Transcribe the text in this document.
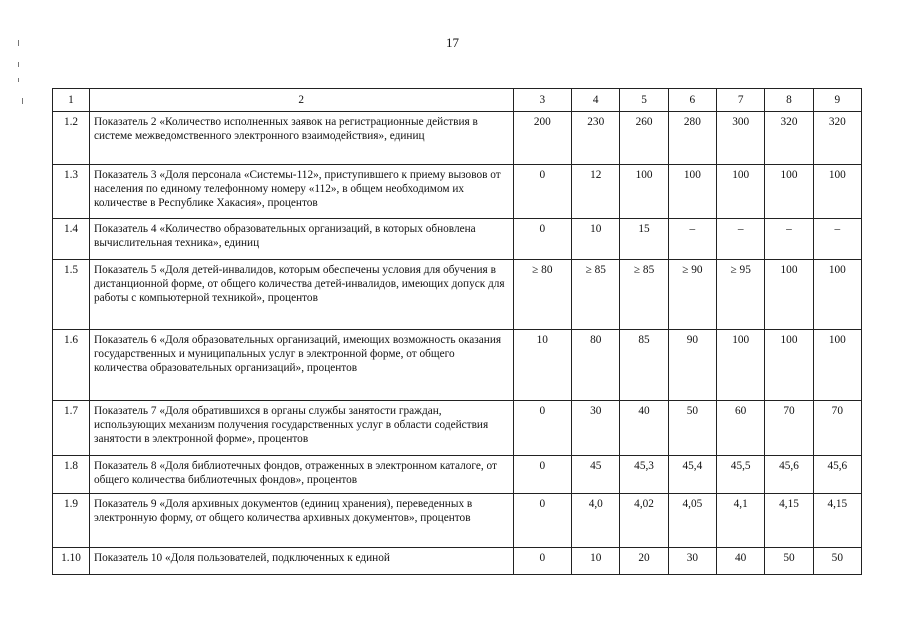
17
1	2	3	4	5	6	7	8	9
1.2	Показатель 2 «Количество исполненных заявок на регистрационные действия в системе межведомственного электронного взаимодействия», единиц	200	230	260	280	300	320	320
1.3	Показатель 3 «Доля персонала «Системы-112», приступившего к приему вызовов от населения по единому телефонному номеру «112», в общем необходимом их количестве в Республике Хакасия», процентов	0	12	100	100	100	100	100
1.4	Показатель 4 «Количество образовательных организаций, в которых обновлена вычислительная техника», единиц	0	10	15	–	–	–	–
1.5	Показатель 5 «Доля детей-инвалидов, которым обеспечены условия для обучения в дистанционной форме, от общего количества детей-инвалидов, имеющих допуск для работы с компьютерной техникой», процентов	≥ 80	≥ 85	≥ 85	≥ 90	≥ 95	100	100
1.6	Показатель 6 «Доля образовательных организаций, имеющих возможность оказания государственных и муниципальных услуг в электронной форме, от общего количества образовательных организаций», процентов	10	80	85	90	100	100	100
1.7	Показатель 7 «Доля обратившихся в органы службы занятости граждан, использующих механизм получения государственных услуг в области содействия занятости в электронной форме», процентов	0	30	40	50	60	70	70
1.8	Показатель 8 «Доля библиотечных фондов, отраженных в электронном каталоге, от общего количества библиотечных фондов», процентов	0	45	45,3	45,4	45,5	45,6	45,6
1.9	Показатель 9 «Доля архивных документов (единиц хранения), переведенных в электронную форму, от общего количества архивных документов», процентов	0	4,0	4,02	4,05	4,1	4,15	4,15
1.10	Показатель 10 «Доля пользователей, подключенных к единой	0	10	20	30	40	50	50
